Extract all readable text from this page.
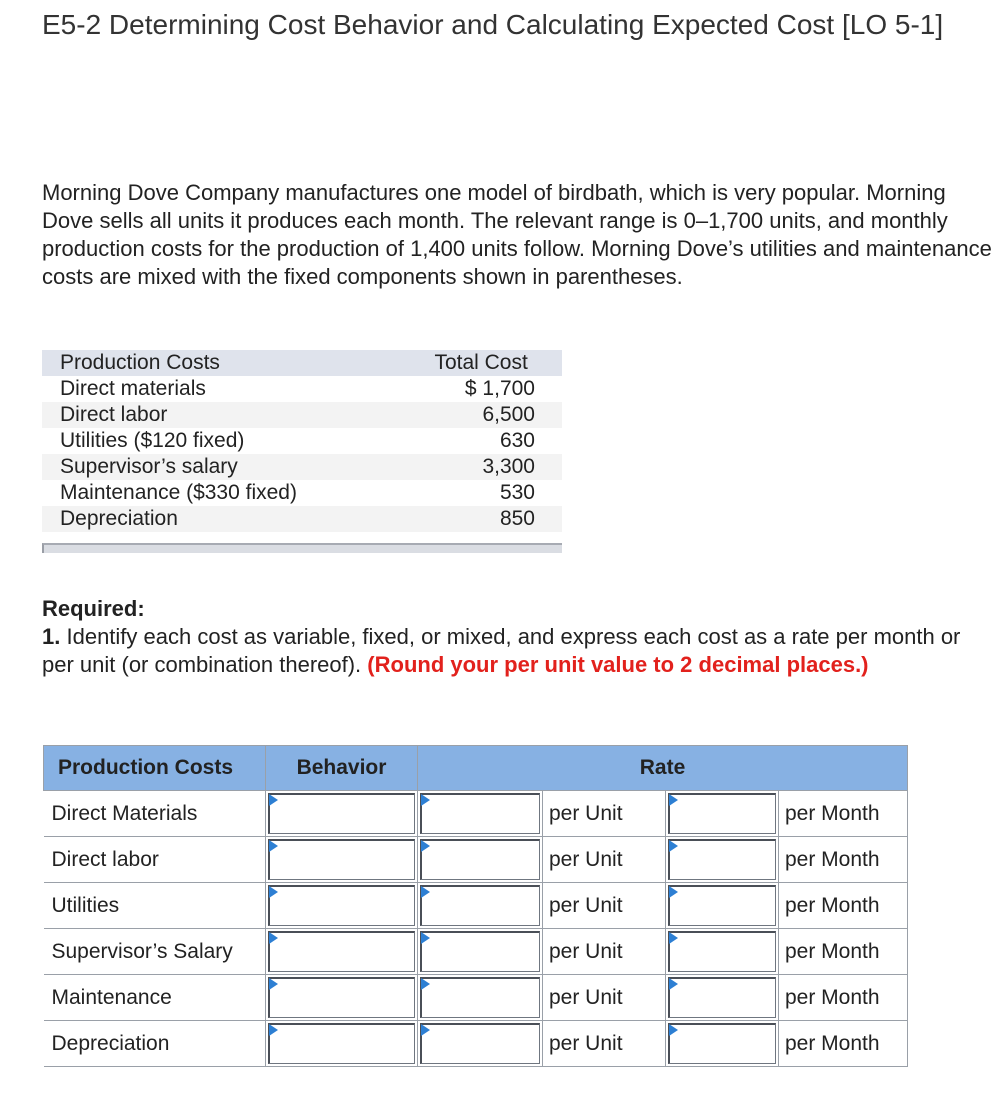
E5-2 Determining Cost Behavior and Calculating Expected Cost [LO 5-1]

Morning Dove Company manufactures one model of birdbath, which is very popular. Morning Dove sells all units it produces each month. The relevant range is 0–1,700 units, and monthly production costs for the production of 1,400 units follow. Morning Dove’s utilities and maintenance costs are mixed with the fixed components shown in parentheses.

Production Costs	Total Cost
Direct materials	$ 1,700
Direct labor	6,500
Utilities ($120 fixed)	630
Supervisor’s salary	3,300
Maintenance ($330 fixed)	530
Depreciation	850

Required:
1. Identify each cost as variable, fixed, or mixed, and express each cost as a rate per month or per unit (or combination thereof). (Round your per unit value to 2 decimal places.)

Production Costs	Behavior	Rate			
Direct Materials			per Unit		per Month
Direct labor			per Unit		per Month
Utilities			per Unit		per Month
Supervisor’s Salary			per Unit		per Month
Maintenance			per Unit		per Month
Depreciation			per Unit		per Month
